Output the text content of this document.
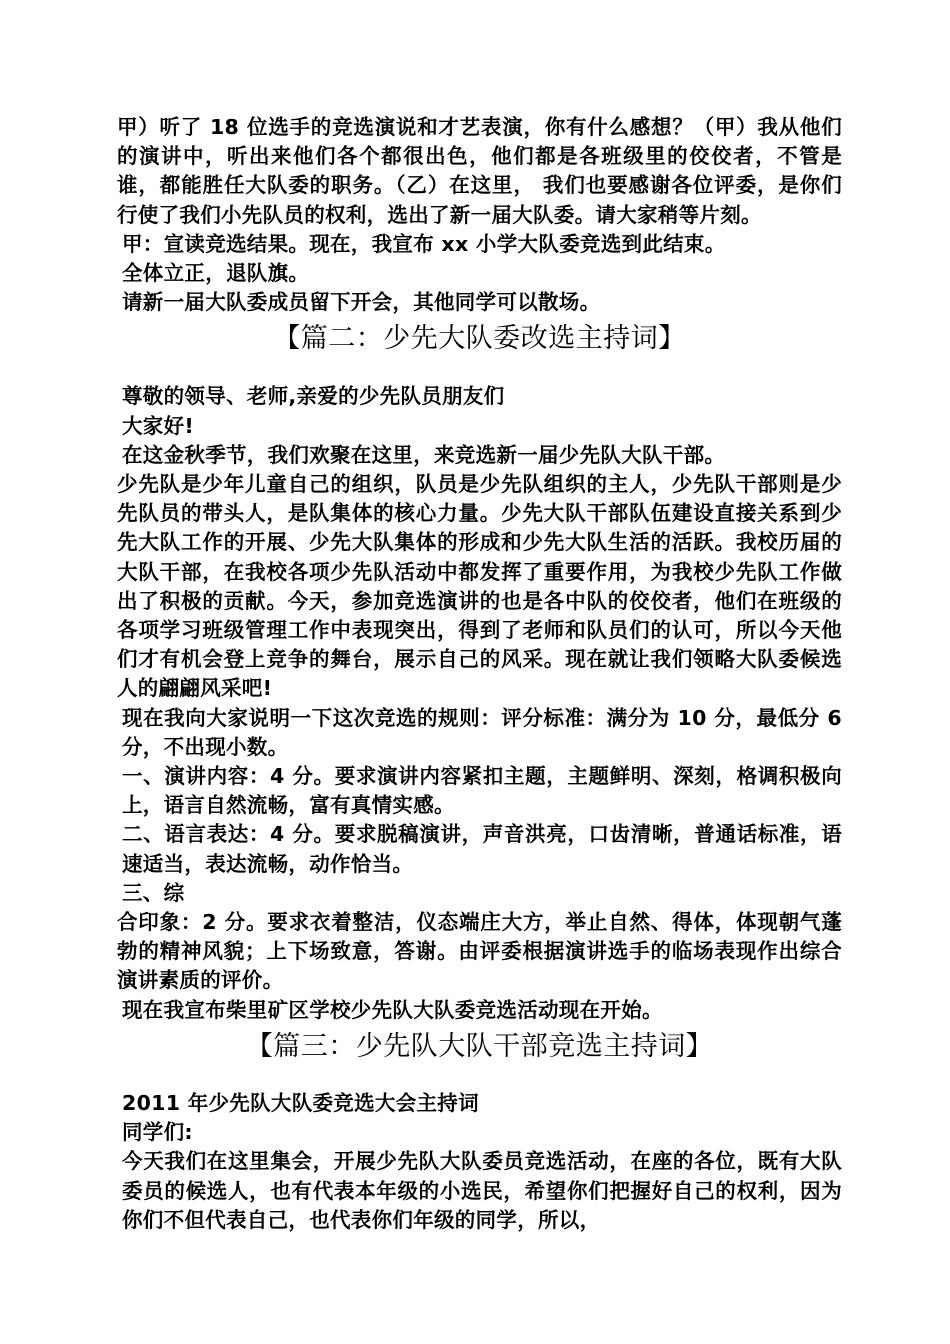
甲）听了 18 位选手的竞选演说和才艺表演，你有什么感想？（甲）我从他们的演讲中，听出来他们各个都很出色，他们都是各班级里的佼佼者，不管是谁，都能胜任大队委的职务。（乙）在这里， 我们也要感谢各位评委，是你们行使了我们小先队员的权利，选出了新一届大队委。请大家稍等片刻。

甲：宣读竞选结果。现在，我宣布 xx 小学大队委竞选到此结束。

全体立正，退队旗。

请新一届大队委成员留下开会，其他同学可以散场。

【篇二：少先大队委改选主持词】

尊敬的领导、老师,亲爱的少先队员朋友们

大家好!

在这金秋季节，我们欢聚在这里，来竞选新一届少先队大队干部。

少先队是少年儿童自己的组织，队员是少先队组织的主人，少先队干部则是少先队员的带头人，是队集体的核心力量。少先大队干部队伍建设直接关系到少先大队工作的开展、少先大队集体的形成和少先大队生活的活跃。我校历届的大队干部，在我校各项少先队活动中都发挥了重要作用，为我校少先队工作做出了积极的贡献。今天，参加竞选演讲的也是各中队的佼佼者，他们在班级的各项学习班级管理工作中表现突出，得到了老师和队员们的认可，所以今天他们才有机会登上竞争的舞台，展示自己的风采。现在就让我们领略大队委候选人的翩翩风采吧!

现在我向大家说明一下这次竞选的规则：评分标准：满分为 10 分，最低分 6 分，不出现小数。

一、演讲内容：4 分。要求演讲内容紧扣主题，主题鲜明、深刻，格调积极向上，语言自然流畅，富有真情实感。

二、语言表达：4 分。要求脱稿演讲，声音洪亮，口齿清晰，普通话标准，语速适当，表达流畅，动作恰当。

三、综

合印象：2 分。要求衣着整洁，仪态端庄大方，举止自然、得体，体现朝气蓬勃的精神风貌；上下场致意，答谢。由评委根据演讲选手的临场表现作出综合演讲素质的评价。

现在我宣布柴里矿区学校少先队大队委竞选活动现在开始。

【篇三：少先队大队干部竞选主持词】

2011 年少先队大队委竞选大会主持词

同学们:

今天我们在这里集会，开展少先队大队委员竞选活动，在座的各位，既有大队委员的候选人，也有代表本年级的小选民，希望你们把握好自己的权利，因为你们不但代表自己，也代表你们年级的同学，所以，
